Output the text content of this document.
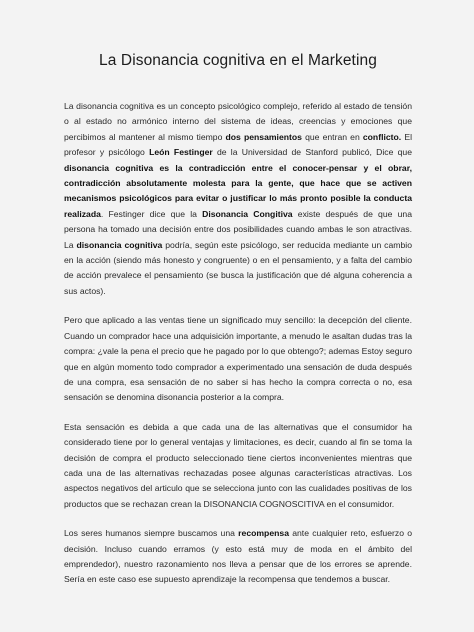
La Disonancia cognitiva en el Marketing

La disonancia cognitiva es un concepto psicológico complejo, referido al estado de tensión o al estado no armónico interno del sistema de ideas, creencias y emociones que percibimos al mantener al mismo tiempo dos pensamientos que entran en conflicto. El profesor y psicólogo León Festinger de la Universidad de Stanford publicó, Dice que disonancia cognitiva es la contradicción entre el conocer-pensar y el obrar, contradicción absolutamente molesta para la gente, que hace que se activen mecanismos psicológicos para evitar o justificar lo más pronto posible la conducta realizada. Festinger dice que la Disonancia Congitiva existe después de que una persona ha tomado una decisión entre dos posibilidades cuando ambas le son atractivas. La disonancia cognitiva podría, según este psicólogo, ser reducida mediante un cambio en la acción (siendo más honesto y congruente) o en el pensamiento, y a falta del cambio de acción prevalece el pensamiento (se busca la justificación que dé alguna coherencia a sus actos).

Pero que aplicado a las ventas tiene un significado muy sencillo: la decepción del cliente. Cuando un comprador hace una adquisición importante, a menudo le asaltan dudas tras la compra: ¿vale la pena el precio que he pagado por lo que obtengo?; ademas Estoy seguro que en algún momento todo comprador a experimentado una sensación de duda después de una compra, esa sensación de no saber si has hecho la compra correcta o no, esa sensación se denomina disonancia posterior a la compra.

Esta sensación es debida a que cada una de las alternativas que el consumidor ha considerado tiene por lo general ventajas y limitaciones, es decir, cuando al fin se toma la decisión de compra el producto seleccionado tiene ciertos inconvenientes mientras que cada una de las alternativas rechazadas posee algunas características atractivas. Los aspectos negativos del articulo que se selecciona junto con las cualidades positivas de los productos que se rechazan crean la DISONANCIA COGNOSCITIVA en el consumidor.

Los seres humanos siempre buscamos una recompensa ante cualquier reto, esfuerzo o decisión. Incluso cuando erramos (y esto está muy de moda en el ámbito del emprendedor), nuestro razonamiento nos lleva a pensar que de los errores se aprende. Sería en este caso ese supuesto aprendizaje la recompensa que tendemos a buscar.
